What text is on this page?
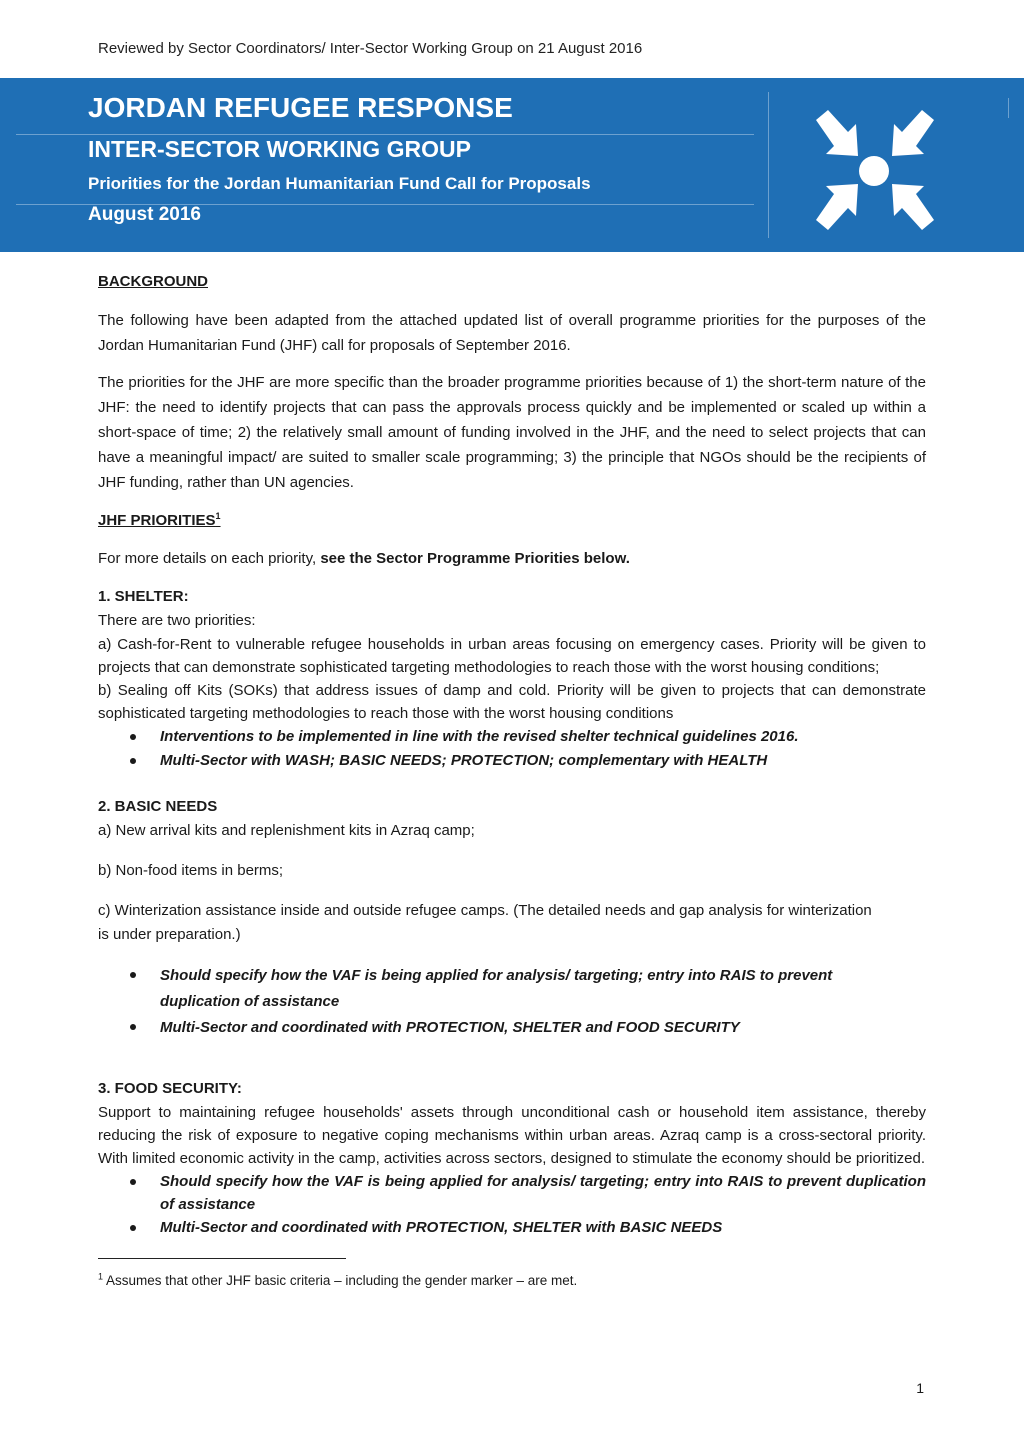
Reviewed by Sector Coordinators/ Inter-Sector Working Group on 21 August 2016
JORDAN REFUGEE RESPONSE
INTER-SECTOR WORKING GROUP
Priorities for the Jordan Humanitarian Fund Call for Proposals
August 2016

BACKGROUND

The following have been adapted from the attached updated list of overall programme priorities for the purposes of the Jordan Humanitarian Fund (JHF) call for proposals of September 2016.

The priorities for the JHF are more specific than the broader programme priorities because of 1) the short-term nature of the JHF: the need to identify projects that can pass the approvals process quickly and be implemented or scaled up within a short-space of time; 2) the relatively small amount of funding involved in the JHF, and the need to select projects that can have a meaningful impact/ are suited to smaller scale programming; 3) the principle that NGOs should be the recipients of JHF funding, rather than UN agencies.

JHF PRIORITIES$^1$

For more details on each priority, see the Sector Programme Priorities below.

1. SHELTER:

There are two priorities:

a) Cash-for-Rent to vulnerable refugee households in urban areas focusing on emergency cases. Priority will be given to projects that can demonstrate sophisticated targeting methodologies to reach those with the worst housing conditions;

b) Sealing off Kits (SOKs) that address issues of damp and cold. Priority will be given to projects that can demonstrate sophisticated targeting methodologies to reach those with the worst housing conditions

Interventions to be implemented in line with the revised shelter technical guidelines 2016.

Multi-Sector with WASH; BASIC NEEDS; PROTECTION; complementary with HEALTH

2. BASIC NEEDS

a) New arrival kits and replenishment kits in Azraq camp;

b) Non-food items in berms;

c) Winterization assistance inside and outside refugee camps. (The detailed needs and gap analysis for winterization is under preparation.)

Should specify how the VAF is being applied for analysis/ targeting; entry into RAIS to prevent duplication of assistance

Multi-Sector and coordinated with PROTECTION, SHELTER and FOOD SECURITY

3. FOOD SECURITY:

Support to maintaining refugee households' assets through unconditional cash or household item assistance, thereby reducing the risk of exposure to negative coping mechanisms within urban areas. Azraq camp is a cross-sectoral priority. With limited economic activity in the camp, activities across sectors, designed to stimulate the economy should be prioritized.

Should specify how the VAF is being applied for analysis/ targeting; entry into RAIS to prevent duplication of assistance

Multi-Sector and coordinated with PROTECTION, SHELTER with BASIC NEEDS

$^1$ Assumes that other JHF basic criteria – including the gender marker – are met.

1
